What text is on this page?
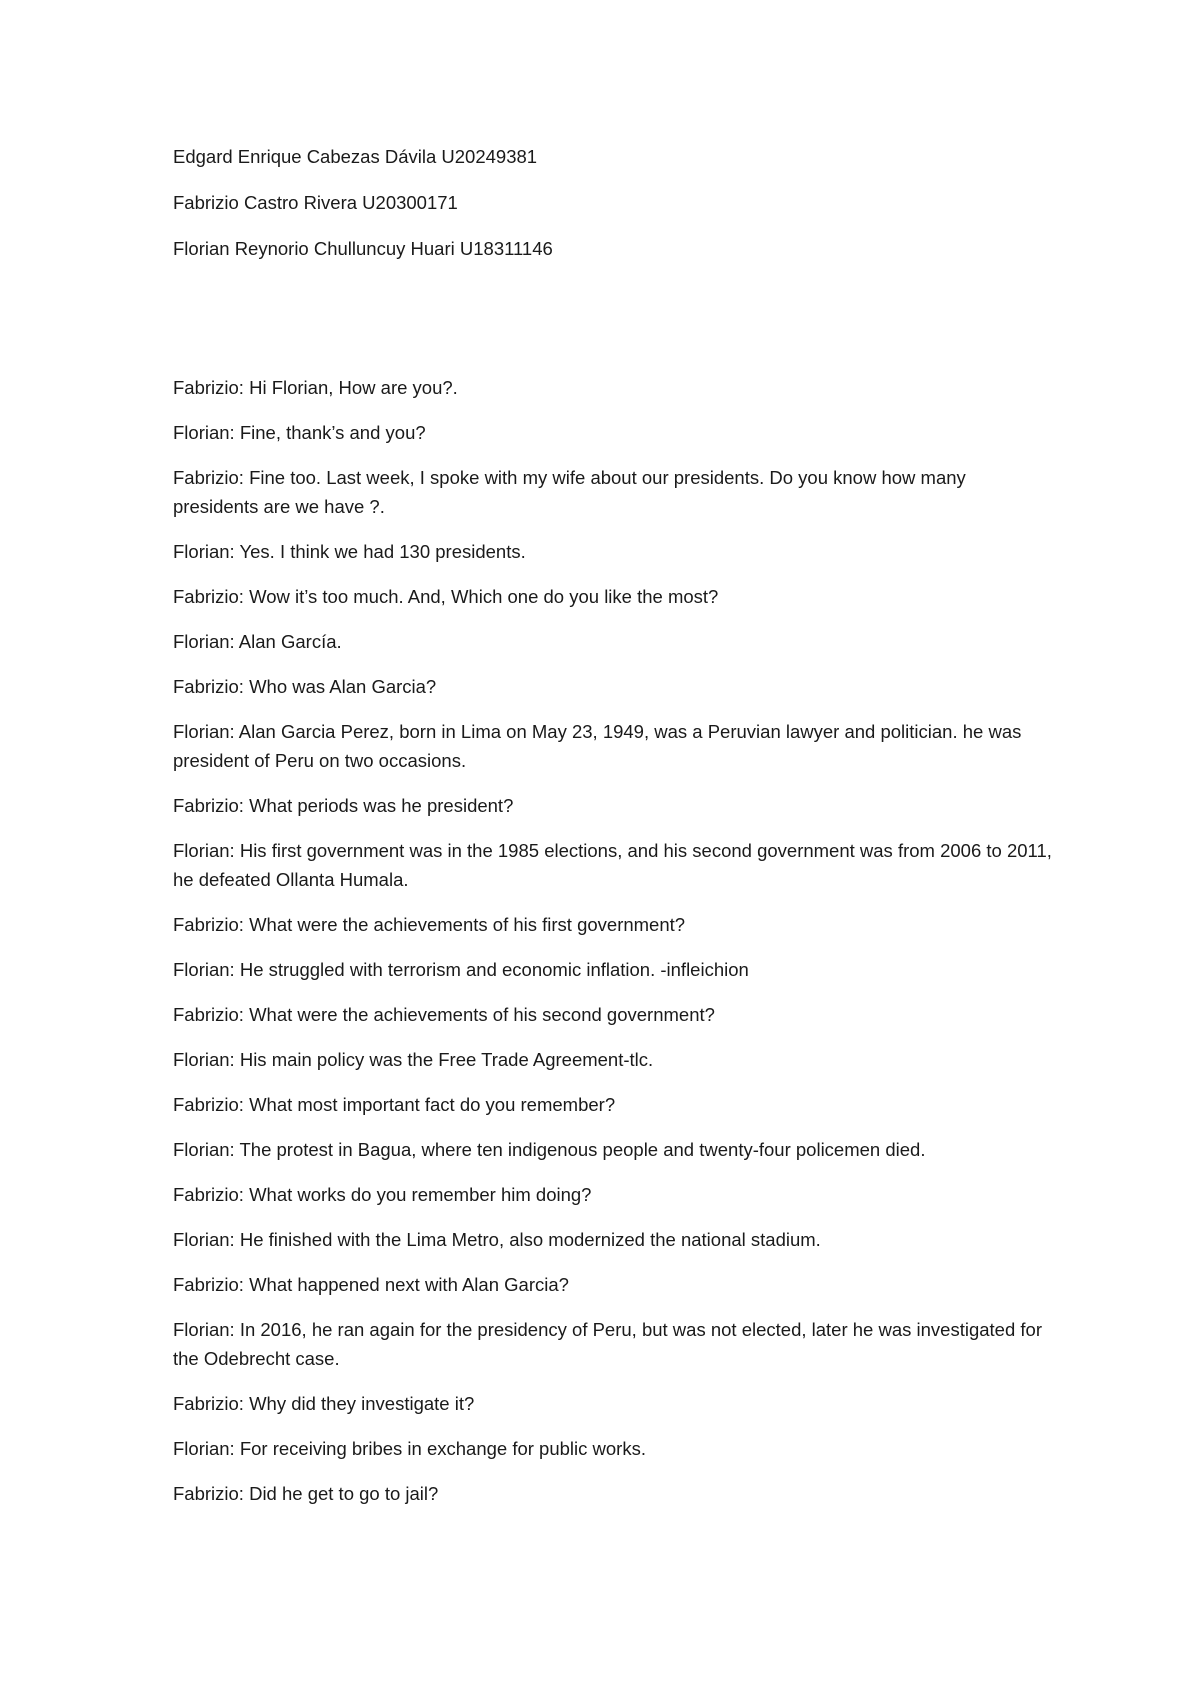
Edgard Enrique Cabezas Dávila U20249381

Fabrizio Castro Rivera U20300171

Florian Reynorio Chulluncuy Huari U18311146

Fabrizio: Hi Florian, How are you?.

Florian: Fine, thank’s and you?

Fabrizio: Fine too. Last week, I spoke with my wife about our presidents. Do you know how many presidents are we have ?.

Florian: Yes. I think we had 130 presidents.

Fabrizio: Wow it’s too much. And, Which one do you like the most?

Florian: Alan García.

Fabrizio: Who was Alan Garcia?

Florian: Alan Garcia Perez, born in Lima on May 23, 1949, was a Peruvian lawyer and politician. he was president of Peru on two occasions.

Fabrizio: What periods was he president?

Florian: His first government was in the 1985 elections, and his second government was from 2006 to 2011, he defeated Ollanta Humala.

Fabrizio: What were the achievements of his first government?

Florian: He struggled with terrorism and economic inflation. -infleichion

Fabrizio: What were the achievements of his second government?

Florian: His main policy was the Free Trade Agreement-tlc.

Fabrizio: What most important fact do you remember?

Florian: The protest in Bagua, where ten indigenous people and twenty-four policemen died.

Fabrizio: What works do you remember him doing?

Florian: He finished with the Lima Metro, also modernized the national stadium.

Fabrizio: What happened next with Alan Garcia?

Florian: In 2016, he ran again for the presidency of Peru, but was not elected, later he was investigated for the Odebrecht case.

Fabrizio: Why did they investigate it?

Florian: For receiving bribes in exchange for public works.

Fabrizio: Did he get to go to jail?
